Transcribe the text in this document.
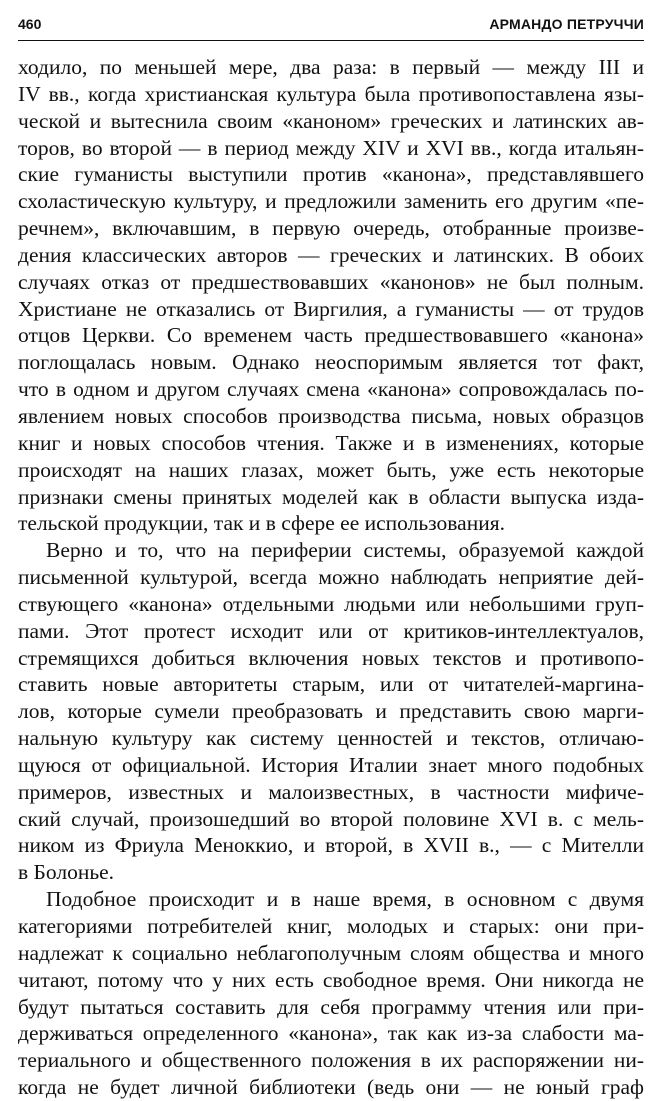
460	АРМАНДО ПЕТРУЧЧИ
ходило, по меньшей мере, два раза: в первый — между III и
IV вв., когда христианская культура была противопоставлена язы-
ческой и вытеснила своим «каноном» греческих и латинских ав-
торов, во второй — в период между XIV и XVI вв., когда итальян-
ские гуманисты выступили против «канона», представлявшего
схоластическую культуру, и предложили заменить его другим «пе-
речнем», включавшим, в первую очередь, отобранные произве-
дения классических авторов — греческих и латинских. В обоих
случаях отказ от предшествовавших «канонов» не был полным.
Христиане не отказались от Виргилия, а гуманисты — от трудов
отцов Церкви. Со временем часть предшествовавшего «канона»
поглощалась новым. Однако неоспоримым является тот факт,
что в одном и другом случаях смена «канона» сопровождалась по-
явлением новых способов производства письма, новых образцов
книг и новых способов чтения. Также и в изменениях, которые
происходят на наших глазах, может быть, уже есть некоторые
признаки смены принятых моделей как в области выпуска изда-
тельской продукции, так и в сфере ее использования.
Верно и то, что на периферии системы, образуемой каждой
письменной культурой, всегда можно наблюдать неприятие дей-
ствующего «канона» отдельными людьми или небольшими груп-
пами. Этот протест исходит или от критиков-интеллектуалов,
стремящихся добиться включения новых текстов и противопо-
ставить новые авторитеты старым, или от читателей-маргина-
лов, которые сумели преобразовать и представить свою марги-
нальную культуру как систему ценностей и текстов, отличаю-
щуюся от официальной. История Италии знает много подобных
примеров, известных и малоизвестных, в частности мифиче-
ский случай, произошедший во второй половине XVI в. с мель-
ником из Фриула Меноккио, и второй, в XVII в., — с Мителли
в Болонье.
Подобное происходит и в наше время, в основном с двумя
категориями потребителей книг, молодых и старых: они при-
надлежат к социально неблагополучным слоям общества и много
читают, потому что у них есть свободное время. Они никогда не
будут пытаться составить для себя программу чтения или при-
держиваться определенного «канона», так как из-за слабости ма-
териального и общественного положения в их распоряжении ни-
когда не будет личной библиотеки (ведь они — не юный граф
